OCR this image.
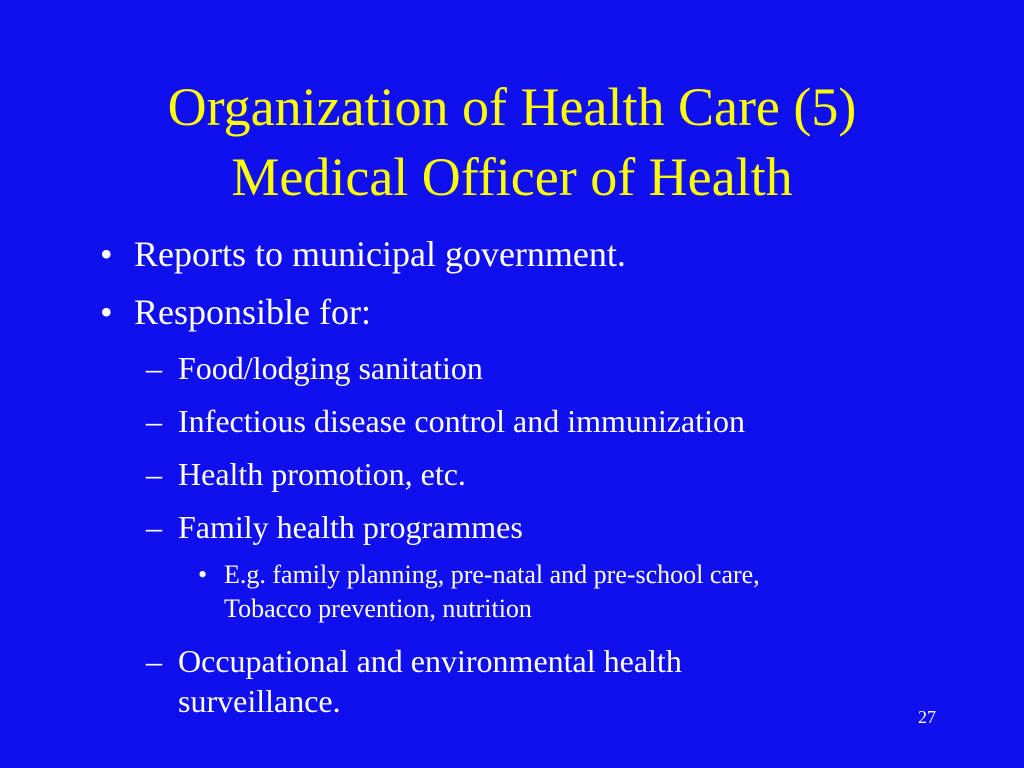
Organization of Health Care (5)
Medical Officer of Health
• Reports to municipal government.
• Responsible for:
– Food/lodging sanitation
– Infectious disease control and immunization
– Health promotion, etc.
– Family health programmes
• E.g. family planning, pre-natal and pre-school care,
Tobacco prevention, nutrition
– Occupational and environmental health
surveillance.	27
